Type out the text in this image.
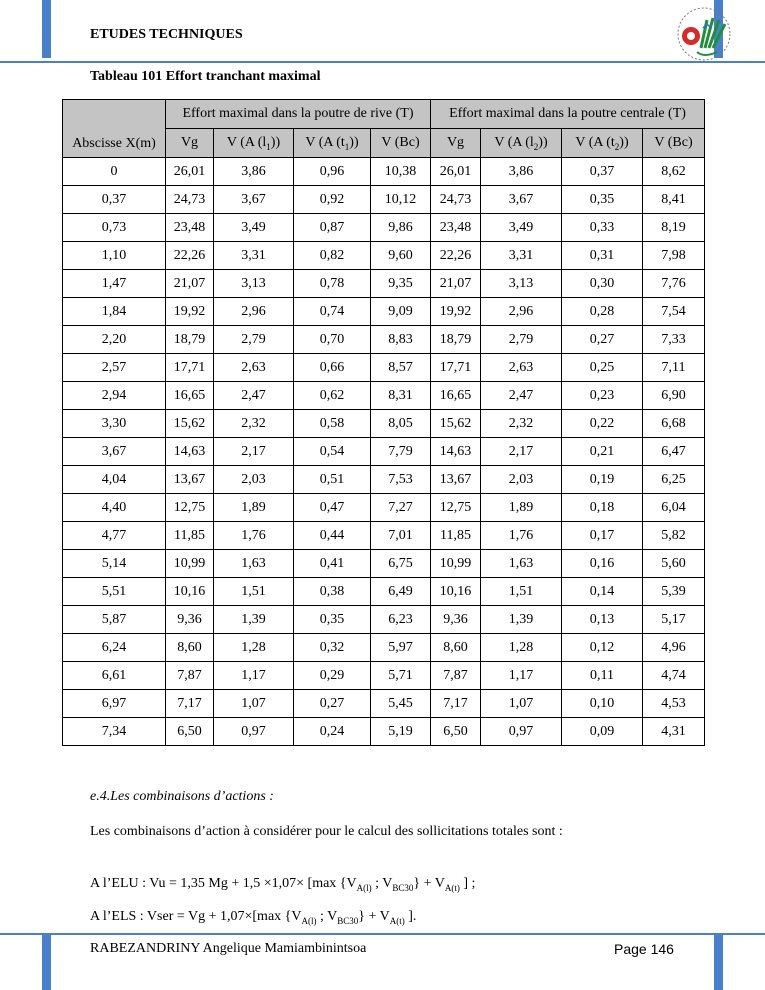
ETUDES TECHNIQUES
Tableau 101 Effort tranchant maximal
Abscisse X(m)	Effort maximal dans la poutre de rive (T)				Effort maximal dans la poutre centrale (T)			
	Vg	V (A $(l_1)$)	V (A $(t_1)$)	V (Bc)	Vg	V (A $(l_2)$)	V (A $(t_2)$)	V (Bc)
0	26,01	3,86	0,96	10,38	26,01	3,86	0,37	8,62
0,37	24,73	3,67	0,92	10,12	24,73	3,67	0,35	8,41
0,73	23,48	3,49	0,87	9,86	23,48	3,49	0,33	8,19
1,10	22,26	3,31	0,82	9,60	22,26	3,31	0,31	7,98
1,47	21,07	3,13	0,78	9,35	21,07	3,13	0,30	7,76
1,84	19,92	2,96	0,74	9,09	19,92	2,96	0,28	7,54
2,20	18,79	2,79	0,70	8,83	18,79	2,79	0,27	7,33
2,57	17,71	2,63	0,66	8,57	17,71	2,63	0,25	7,11
2,94	16,65	2,47	0,62	8,31	16,65	2,47	0,23	6,90
3,30	15,62	2,32	0,58	8,05	15,62	2,32	0,22	6,68
3,67	14,63	2,17	0,54	7,79	14,63	2,17	0,21	6,47
4,04	13,67	2,03	0,51	7,53	13,67	2,03	0,19	6,25
4,40	12,75	1,89	0,47	7,27	12,75	1,89	0,18	6,04
4,77	11,85	1,76	0,44	7,01	11,85	1,76	0,17	5,82
5,14	10,99	1,63	0,41	6,75	10,99	1,63	0,16	5,60
5,51	10,16	1,51	0,38	6,49	10,16	1,51	0,14	5,39
5,87	9,36	1,39	0,35	6,23	9,36	1,39	0,13	5,17
6,24	8,60	1,28	0,32	5,97	8,60	1,28	0,12	4,96
6,61	7,87	1,17	0,29	5,71	7,87	1,17	0,11	4,74
6,97	7,17	1,07	0,27	5,45	7,17	1,07	0,10	4,53
7,34	6,50	0,97	0,24	5,19	6,50	0,97	0,09	4,31
e.4.Les combinaisons d’actions :
Les combinaisons d’action à considérer pour le calcul des sollicitations totales sont :
A l’ELU : Vu = 1,35 Mg + 1,5 ×1,07× [max {$V_{A(l)}$ ; $V_{BC30}\} + V_{A(t)}$ ] ;
A l’ELS : Vser = Vg + 1,07×[max {$V_{A(l)}$ ; $V_{BC30}\} + V_{A(t)}$ ].
RABEZANDRINY Angelique Mamiambinintsoa	Page 146
